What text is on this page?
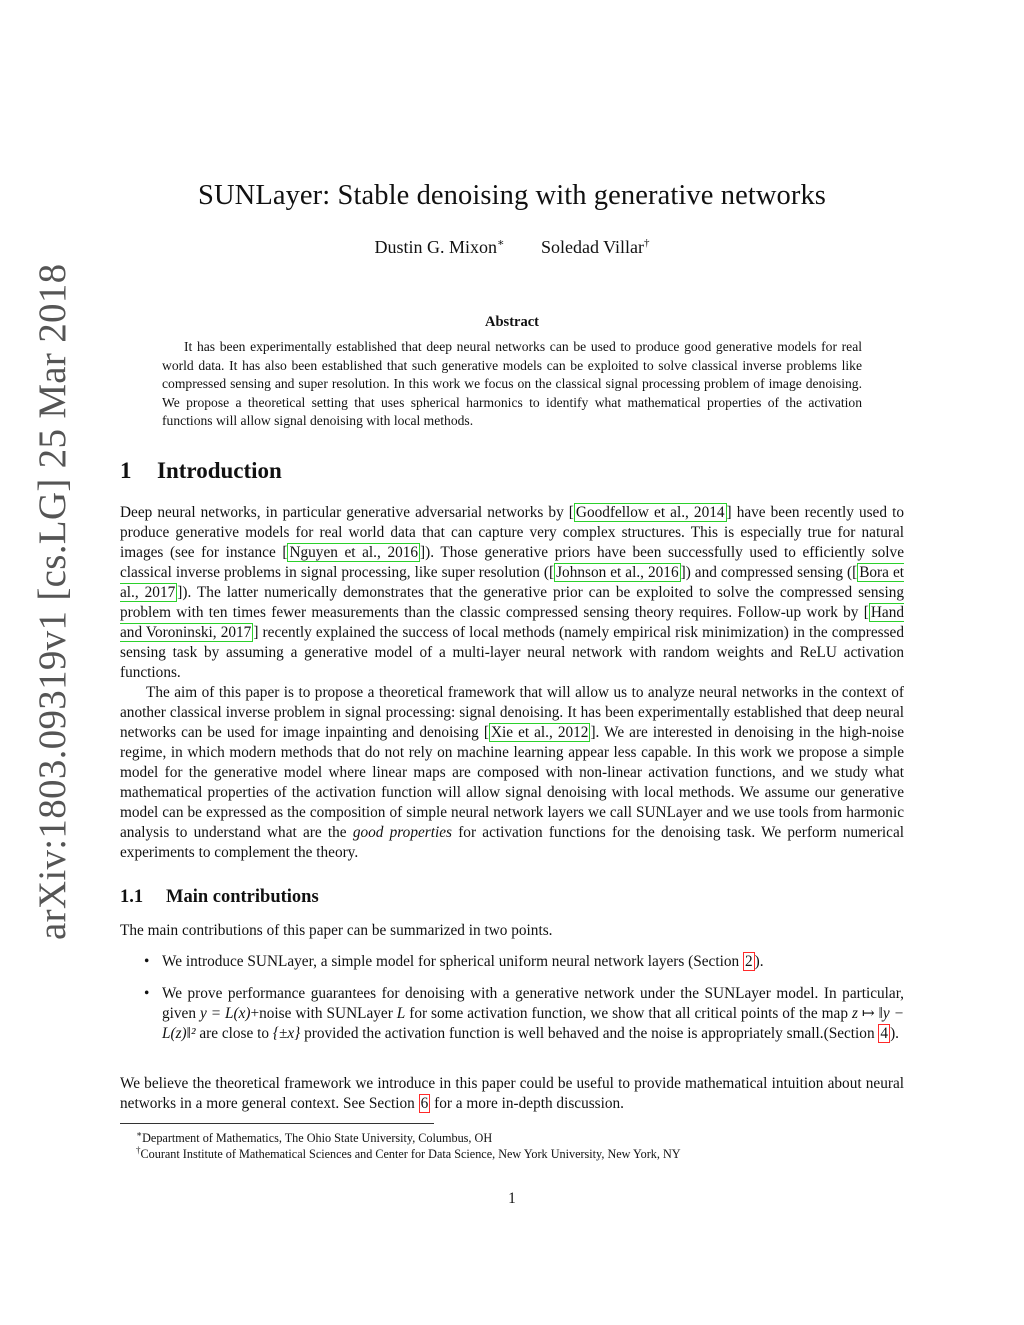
arXiv:1803.09319v1 [cs.LG] 25 Mar 2018
SUNLayer: Stable denoising with generative networks
Dustin G. Mixon∗ Soledad Villar†
Abstract
It has been experimentally established that deep neural networks can be used to produce good generative models for real world data. It has also been established that such generative models can be exploited to solve classical inverse problems like compressed sensing and super resolution. In this work we focus on the classical signal processing problem of image denoising. We propose a theoretical setting that uses spherical harmonics to identify what mathematical properties of the activation functions will allow signal denoising with local methods.
1 Introduction

Deep neural networks, in particular generative adversarial networks by [ Goodfellow et al., 2014 ] have been recently used to produce generative models for real world data that can capture very complex structures. This is especially true for natural images (see for instance [ Nguyen et al., 2016 ]). Those generative priors have been successfully used to efficiently solve classical inverse problems in signal processing, like super resolution ([ Johnson et al., 2016 ]) and compressed sensing ([ Bora et al., 2017 ]). The latter numerically demonstrates that the generative prior can be exploited to solve the compressed sensing problem with ten times fewer measurements than the classic compressed sensing theory requires. Follow-up work by [ Hand and Voroninski, 2017 ] recently explained the success of local methods (namely empirical risk minimization) in the compressed sensing task by assuming a generative model of a multi-layer neural network with random weights and ReLU activation functions.

The aim of this paper is to propose a theoretical framework that will allow us to analyze neural networks in the context of another classical inverse problem in signal processing: signal denoising. It has been experimentally established that deep neural networks can be used for image inpainting and denoising [ Xie et al., 2012 ]. We are interested in denoising in the high-noise regime, in which modern methods that do not rely on machine learning appear less capable. In this work we propose a simple model for the generative model where linear maps are composed with non-linear activation functions, and we study what mathematical properties of the activation function will allow signal denoising with local methods. We assume our generative model can be expressed as the composition of simple neural network layers we call SUNLayer and we use tools from harmonic analysis to understand what are the good properties for activation functions for the denoising task. We perform numerical experiments to complement the theory.

1.1 Main contributions

The main contributions of this paper can be summarized in two points.

• We introduce SUNLayer, a simple model for spherical uniform neural network layers (Section 2 ).
• We prove performance guarantees for denoising with a generative network under the SUNLayer model. In particular, given y = L(x)+noise with SUNLayer L for some activation function, we show that all critical points of the map z ↦ ‖y − L(z)‖² are close to {±x} provided the activation function is well behaved and the noise is appropriately small.(Section 4 ).

We believe the theoretical framework we introduce in this paper could be useful to provide mathematical intuition about neural networks in a more general context. See Section 6 for a more in-depth discussion.

∗Department of Mathematics, The Ohio State University, Columbus, OH
†Courant Institute of Mathematical Sciences and Center for Data Science, New York University, New York, NY
1
